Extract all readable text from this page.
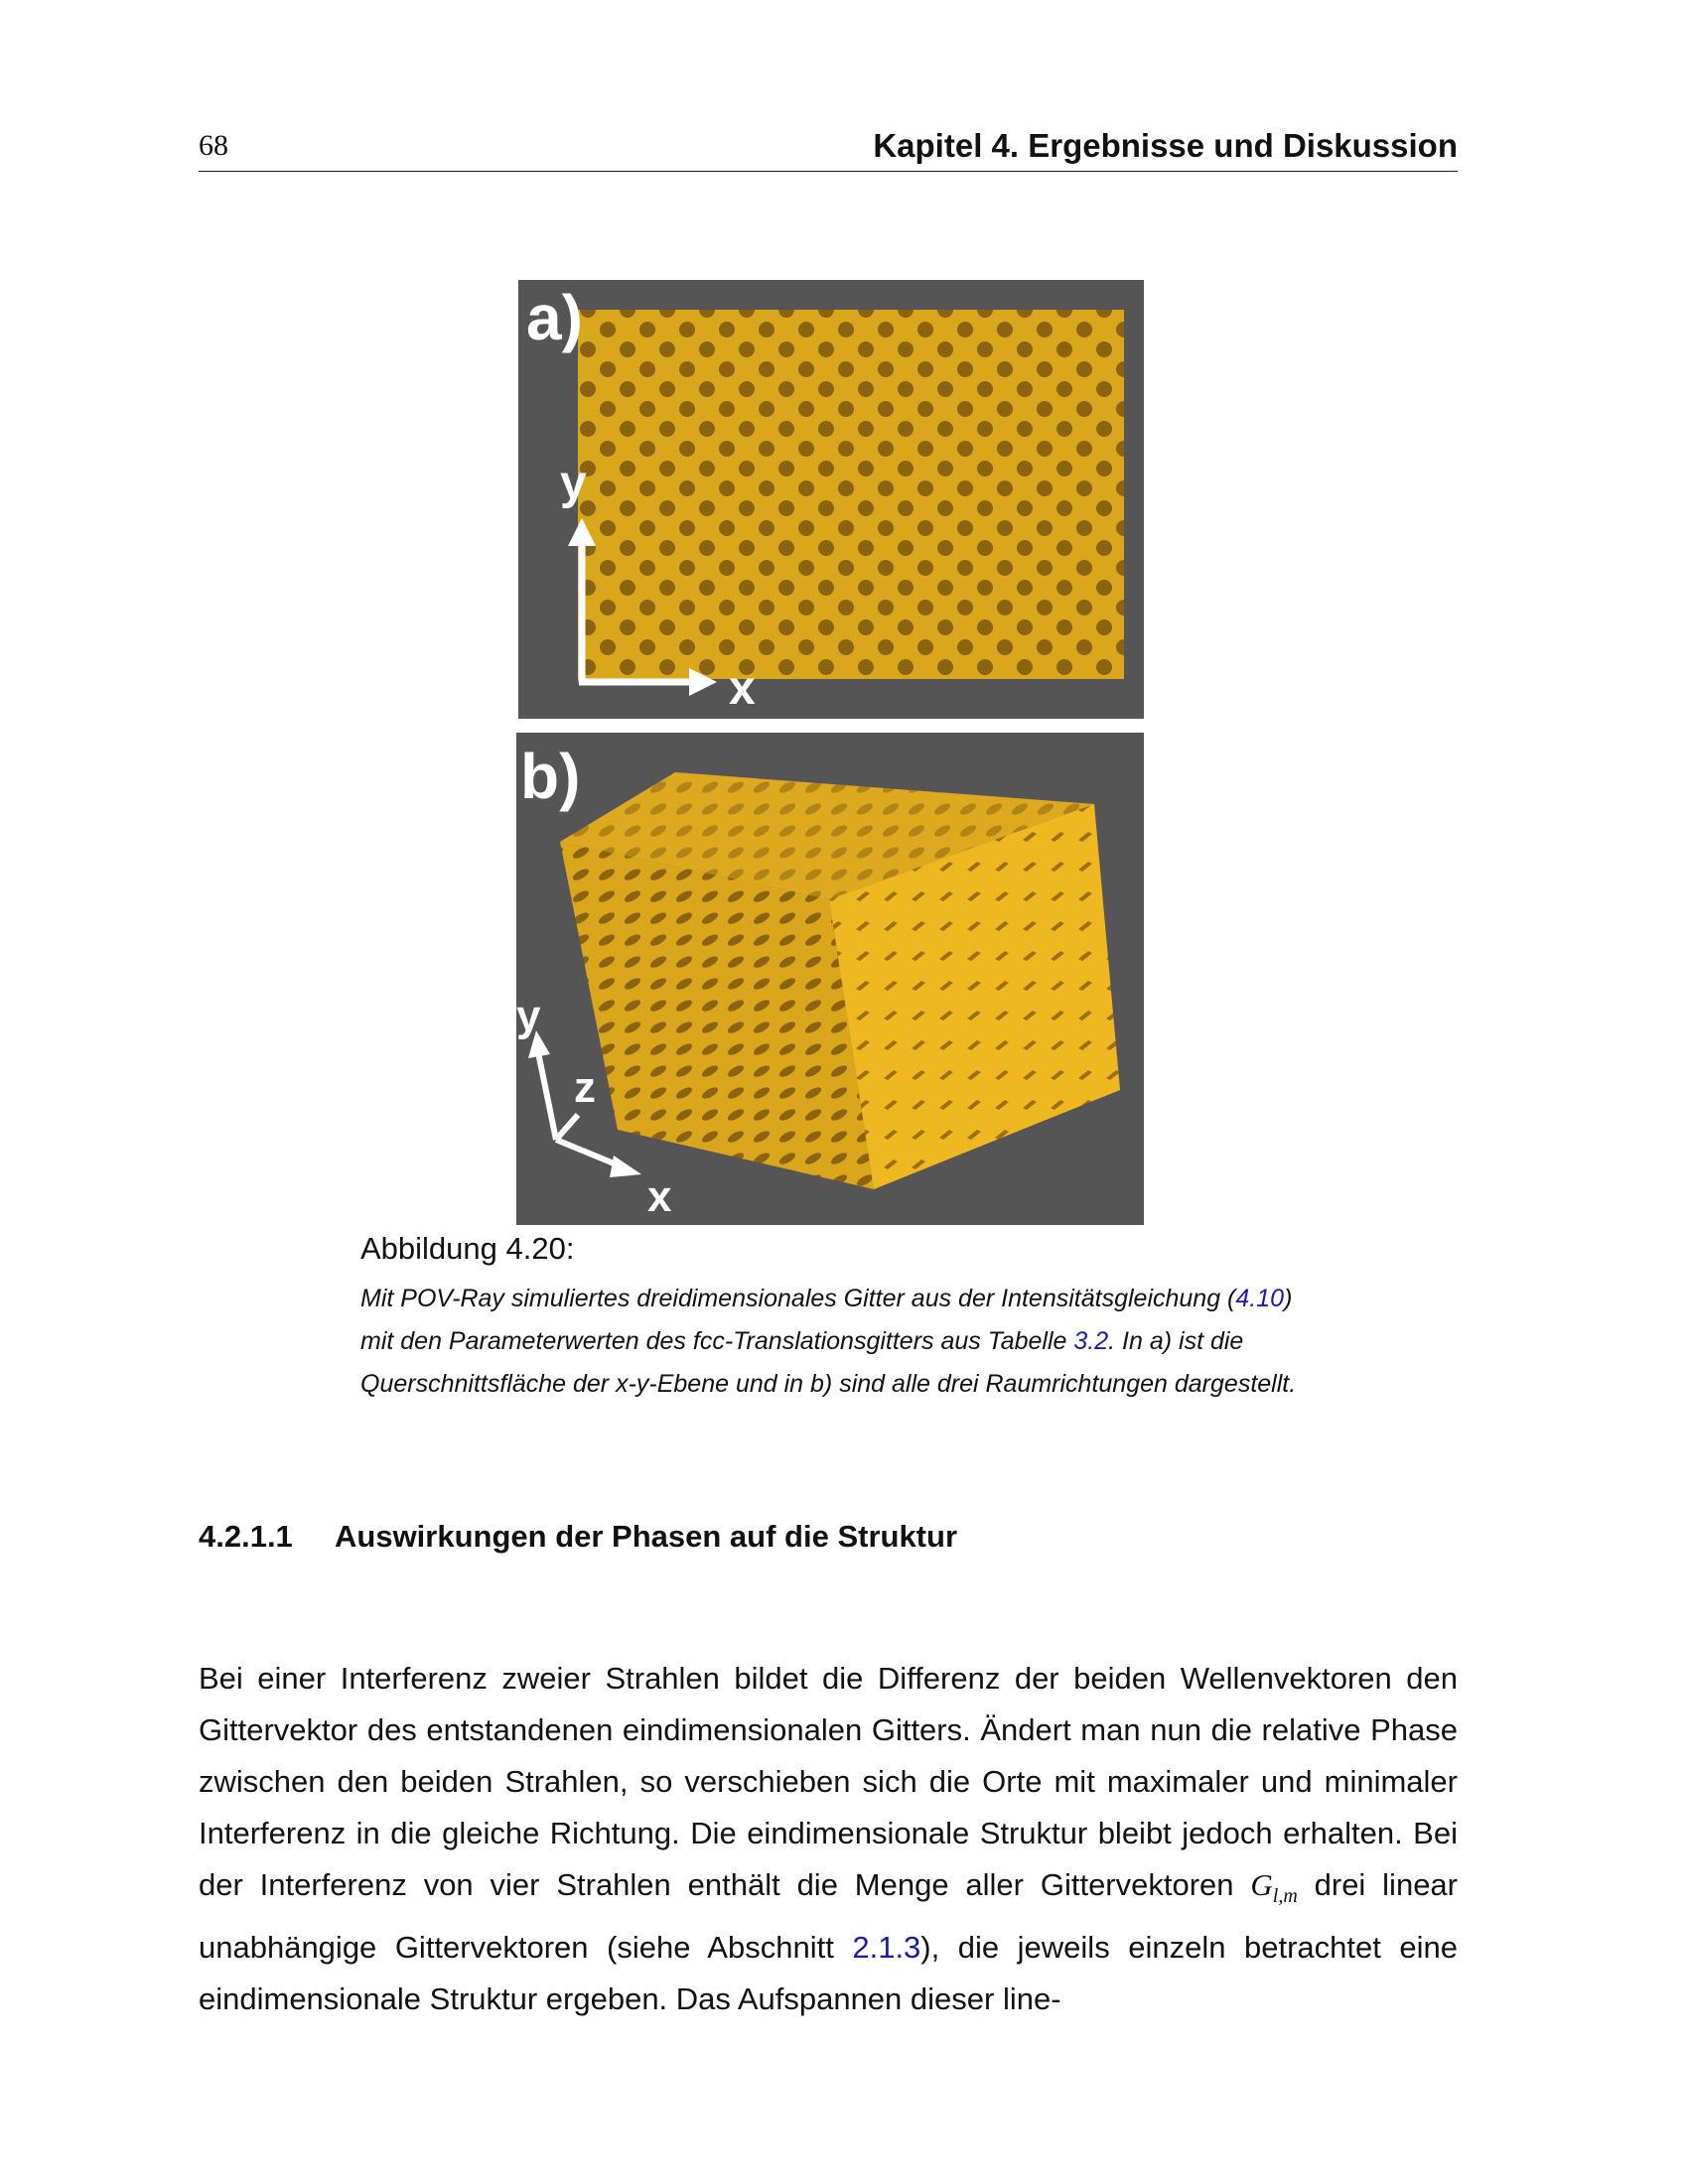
68	Kapitel 4. Ergebnisse und Diskussion
a)
y
x
b)
y
z
x
Abbildung 4.20:
Mit POV-Ray simuliertes dreidimensionales Gitter aus der Intensitätsgleichung (4.10) mit den Parameterwerten des fcc-Translationsgitters aus Tabelle 3.2. In a) ist die Querschnittsfläche der x-y-Ebene und in b) sind alle drei Raumrichtungen dargestellt.
4.2.1.1 Auswirkungen der Phasen auf die Struktur

Bei einer Interferenz zweier Strahlen bildet die Differenz der beiden Wellenvektoren den Gittervektor des entstandenen eindimensionalen Gitters. Ändert man nun die relative Phase zwischen den beiden Strahlen, so verschieben sich die Orte mit maximaler und minimaler Interferenz in die gleiche Richtung. Die eindimensionale Struktur bleibt jedoch erhalten. Bei der Interferenz von vier Strahlen enthält die Menge aller Gittervektoren $G_{l,m}$ drei linear unabhängige Gittervektoren (siehe Abschnitt 2.1.3), die jeweils einzeln betrachtet eine eindimensionale Struktur ergeben. Das Aufspannen dieser line-
